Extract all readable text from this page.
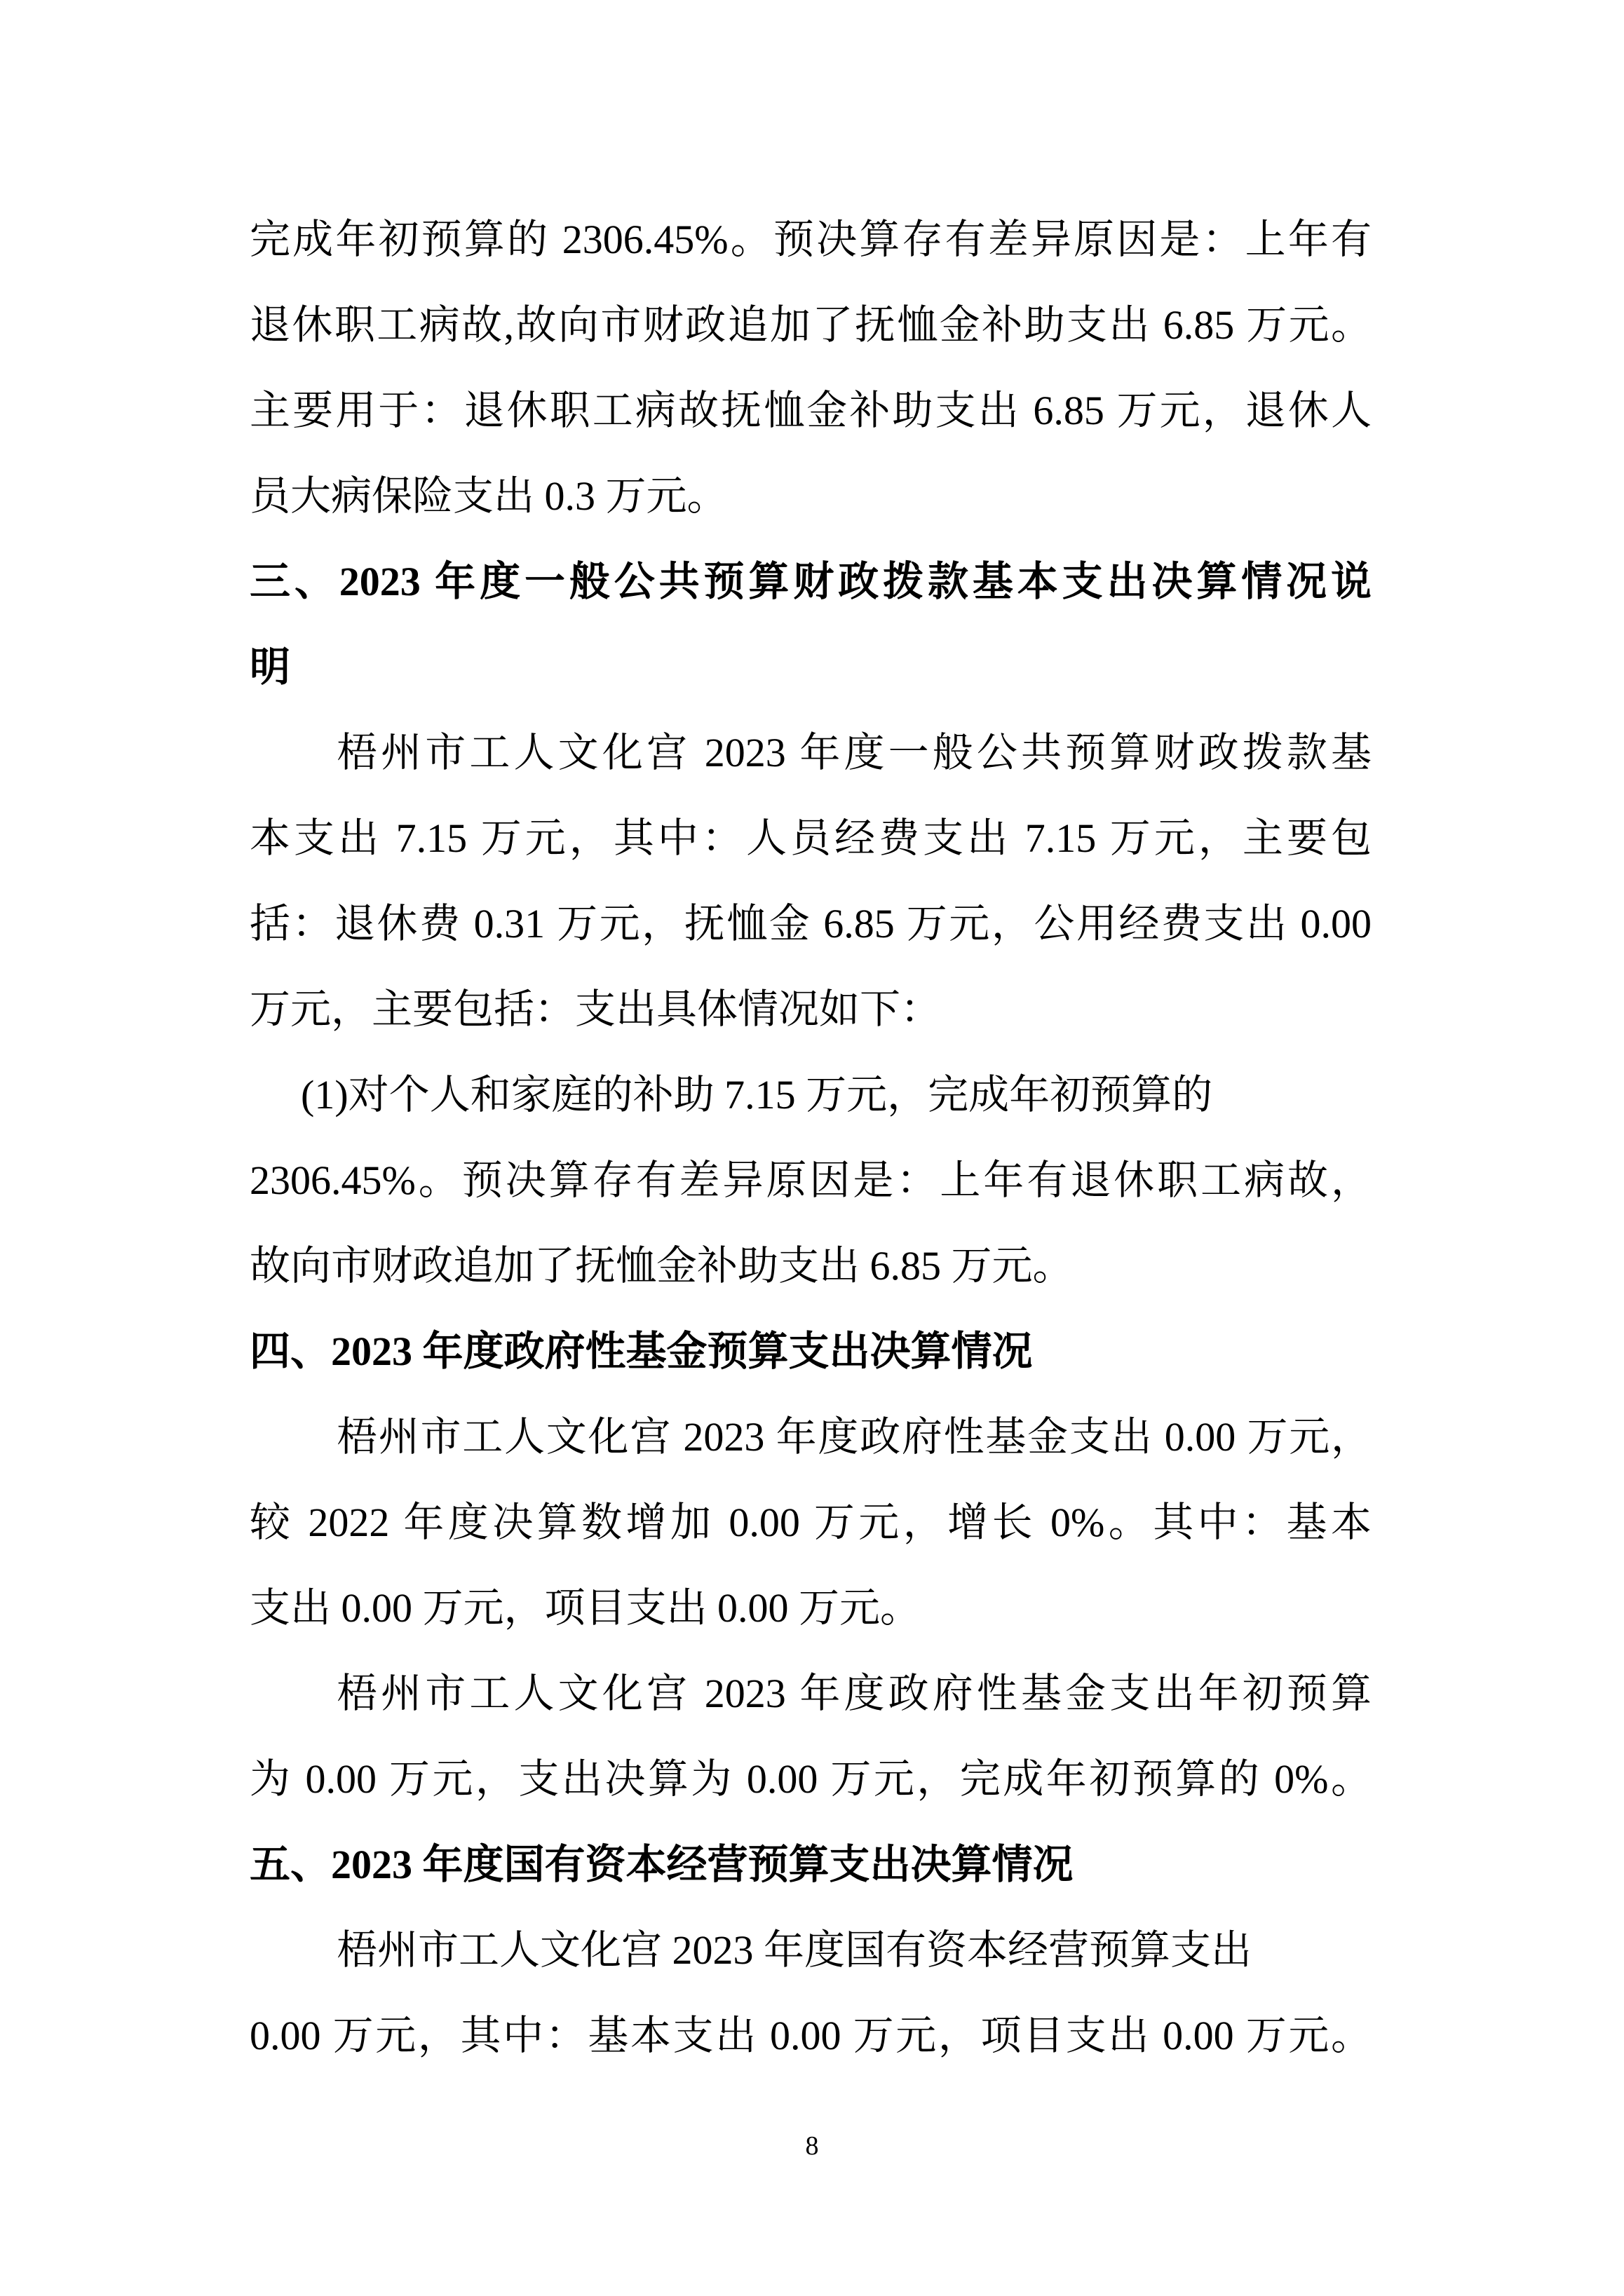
完成年初预算的 2306.45%。预决算存有差异原因是：上年有
退休职工病故,故向市财政追加了抚恤金补助支出 6.85 万元。
主要用于：退休职工病故抚恤金补助支出 6.85 万元，退休人
员大病保险支出 0.3 万元。
三、2023 年度一般公共预算财政拨款基本支出决算情况说
明
梧州市工人文化宫 2023 年度一般公共预算财政拨款基
本支出 7.15 万元，其中：人员经费支出 7.15 万元，主要包
括：退休费 0.31 万元，抚恤金 6.85 万元，公用经费支出 0.00
万元，主要包括：支出具体情况如下：
(1)对个人和家庭的补助 7.15 万元，完成年初预算的
2306.45%。预决算存有差异原因是：上年有退休职工病故，
故向市财政追加了抚恤金补助支出 6.85 万元。
四、2023 年度政府性基金预算支出决算情况
梧州市工人文化宫 2023 年度政府性基金支出 0.00 万元，
较 2022 年度决算数增加 0.00 万元，增长 0%。其中：基本
支出 0.00 万元，项目支出 0.00 万元。
梧州市工人文化宫 2023 年度政府性基金支出年初预算
为 0.00 万元，支出决算为 0.00 万元，完成年初预算的 0%。
五、2023 年度国有资本经营预算支出决算情况
梧州市工人文化宫 2023 年度国有资本经营预算支出
0.00 万元，其中：基本支出 0.00 万元，项目支出 0.00 万元。
8
